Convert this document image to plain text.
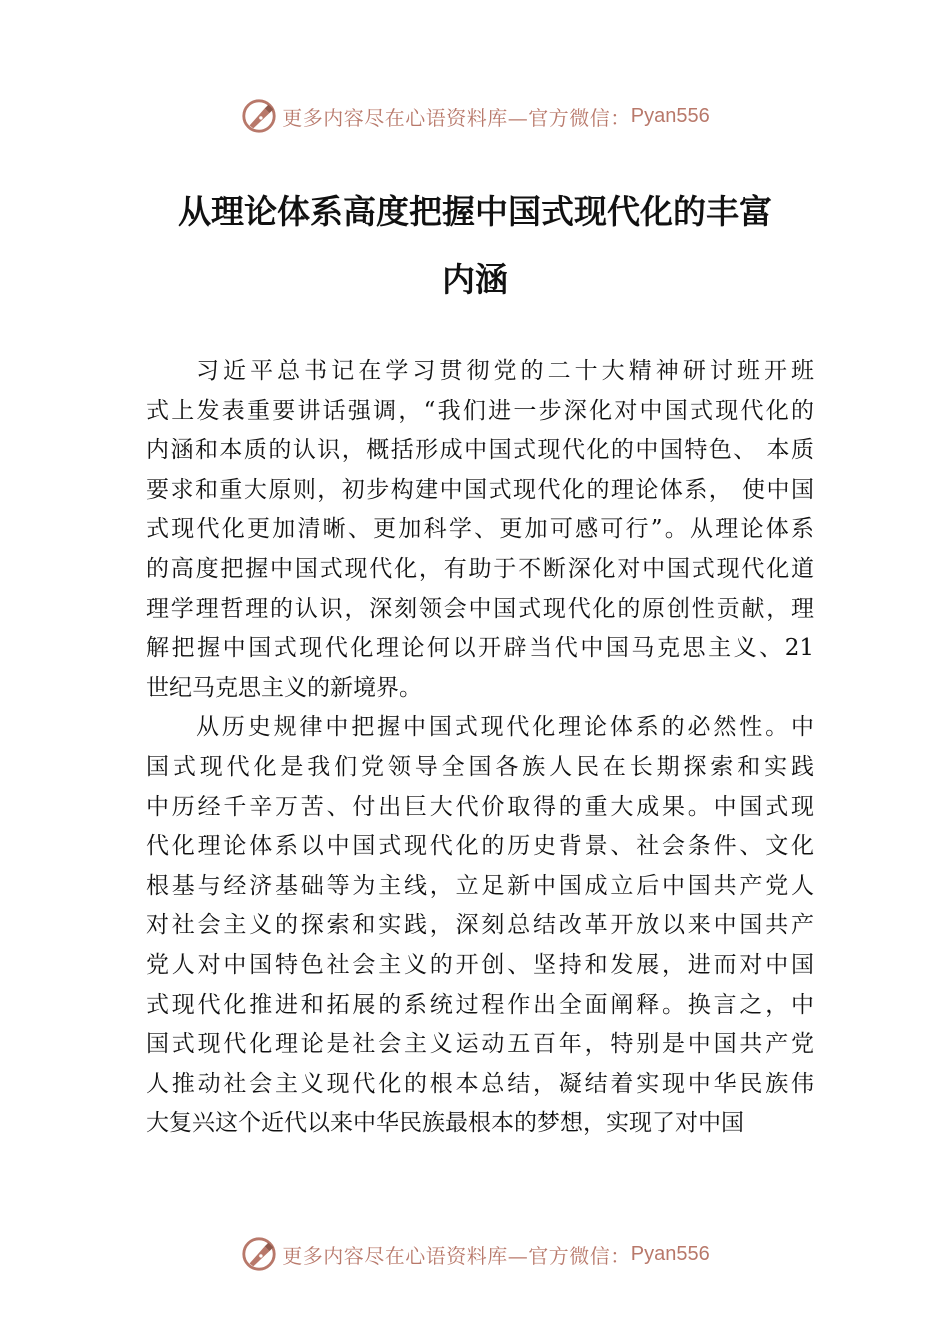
更多内容尽在心语资料库—官方微信： Pyan556
从理论体系高度把握中国式现代化的丰富
内涵
习近平总书记在学习贯彻党的二十大精神研讨班开班
式上发表重要讲话强调，“我们进一步深化对中国式现代化的
内涵和本质的认识，概括形成中国式现代化的中国特色、 本质
要求和重大原则，初步构建中国式现代化的理论体系， 使中国
式现代化更加清晰、更加科学、更加可感可行”。从理论体系
的高度把握中国式现代化，有助于不断深化对中国式现代化道
理学理哲理的认识，深刻领会中国式现代化的原创性贡献，理
解把握中国式现代化理论何以开辟当代中国马克思主义、21
世纪马克思主义的新境界。
从历史规律中把握中国式现代化理论体系的必然性。中
国式现代化是我们党领导全国各族人民在长期探索和实践
中历经千辛万苦、付出巨大代价取得的重大成果。中国式现
代化理论体系以中国式现代化的历史背景、社会条件、文化
根基与经济基础等为主线，立足新中国成立后中国共产党人
对社会主义的探索和实践，深刻总结改革开放以来中国共产
党人对中国特色社会主义的开创、坚持和发展，进而对中国
式现代化推进和拓展的系统过程作出全面阐释。换言之，中
国式现代化理论是社会主义运动五百年，特别是中国共产党
人推动社会主义现代化的根本总结，凝结着实现中华民族伟
大复兴这个近代以来中华民族最根本的梦想，实现了对中国
更多内容尽在心语资料库—官方微信： Pyan556
